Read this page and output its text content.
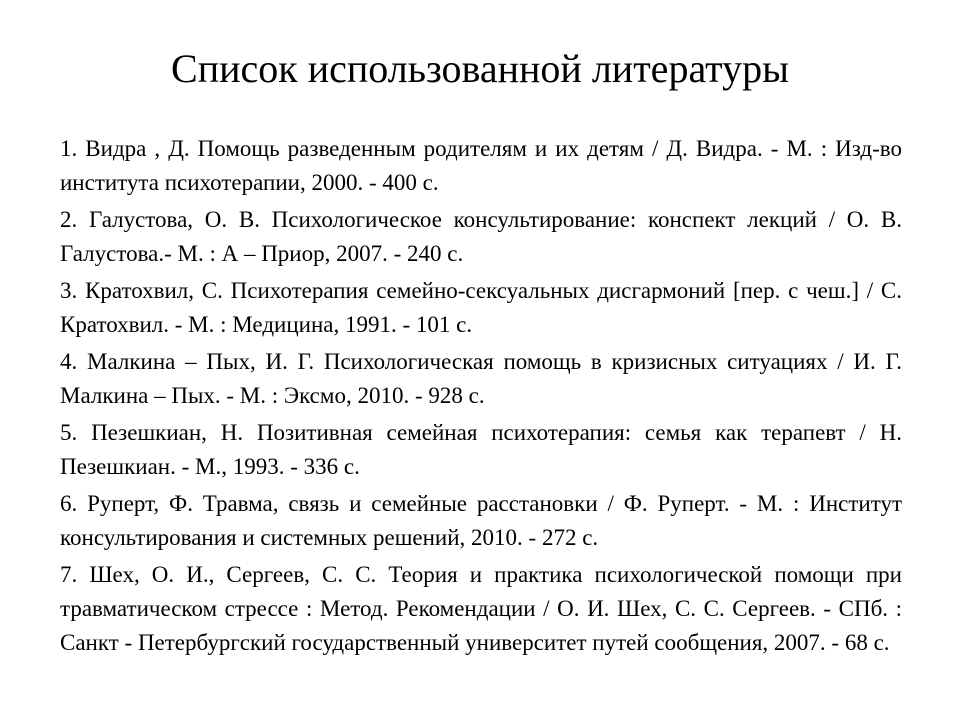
Список использованной литературы
1. Видра , Д. Помощь разведенным родителям и их детям / Д. Видра. - М. : Изд-во института психотерапии, 2000. - 400 с.
2. Галустова, О. В. Психологическое консультирование: конспект лекций / О. В. Галустова.- М. : А – Приор, 2007. - 240 с.
3. Кратохвил, С. Психотерапия семейно-сексуальных дисгармоний [пер. с чеш.] / С. Кратохвил. - М. : Медицина, 1991. - 101 с.
4. Малкина – Пых, И. Г. Психологическая помощь в кризисных ситуациях / И. Г. Малкина – Пых. - М. : Эксмо, 2010. - 928 с.
5. Пезешкиан, Н. Позитивная семейная психотерапия: семья как терапевт / Н. Пезешкиан. - М., 1993. - 336 с.
6. Руперт, Ф. Травма, связь и семейные расстановки / Ф. Руперт. - М. : Институт консультирования и системных решений, 2010. - 272 с.
7. Шех, О. И., Сергеев, С. С. Теория и практика психологической помощи при травматическом стрессе : Метод. Рекомендации / О. И. Шех, С. С. Сергеев. - СПб. : Санкт - Петербургский государственный университет путей сообщения, 2007. - 68 с.
